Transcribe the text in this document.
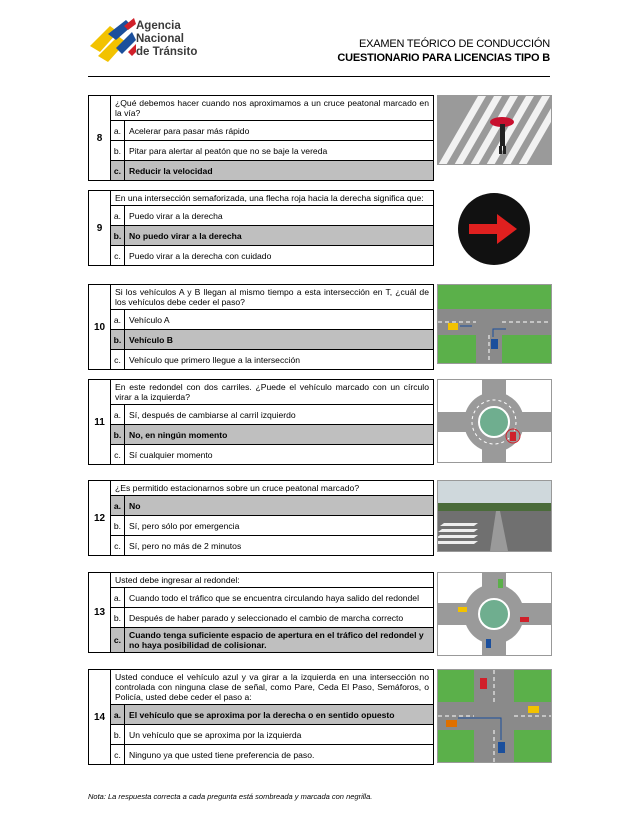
Agencia
Nacional
de Tránsito
EXAMEN TEÓRICO DE CONDUCCIÓN
CUESTIONARIO PARA LICENCIAS TIPO B
8	¿Qué debemos hacer cuando nos aproximamos a un cruce peatonal marcado en la vía?	
	a.	Acelerar para pasar más rápido
	b.	Pitar para alertar al peatón que no se baje la vereda
	c.	Reducir la velocidad
9	En una intersección semaforizada, una flecha roja hacia la derecha significa que:	
	a.	Puedo virar a la derecha
	b.	No puedo virar a la derecha
	c.	Puedo virar a la derecha con cuidado
10	Si los vehículos A y B llegan al mismo tiempo a esta intersección en T, ¿cuál de los vehículos debe ceder el paso?	
	a.	Vehículo A
	b.	Vehículo B
	c.	Vehículo que primero llegue a la intersección
11	En este redondel con dos carriles. ¿Puede el vehículo marcado con un círculo virar a la izquierda?	
	a.	Sí, después de cambiarse al carril izquierdo
	b.	No, en ningún momento
	c.	Sí cualquier momento
12	¿Es permitido estacionarnos sobre un cruce peatonal marcado?	
	a.	No
	b.	Sí, pero sólo por emergencia
	c.	Sí, pero no más de 2 minutos
13	Usted debe ingresar al redondel:	
	a.	Cuando todo el tráfico que se encuentra circulando haya salido del redondel
	b.	Después de haber parado y seleccionado el cambio de marcha correcto
	c.	Cuando tenga suficiente espacio de apertura en el tráfico del redondel y no haya posibilidad de colisionar.
14	Usted conduce el vehículo azul y va girar a la izquierda en una intersección no controlada con ninguna clase de señal, como Pare, Ceda El Paso, Semáforos, o Policía, usted debe ceder el paso a:	
	a.	El vehículo que se aproxima por la derecha o en sentido opuesto
	b.	Un vehículo que se aproxima por la izquierda
	c.	Ninguno ya que usted tiene preferencia de paso.
Nota: La respuesta correcta a cada pregunta está sombreada y marcada con negrilla.
